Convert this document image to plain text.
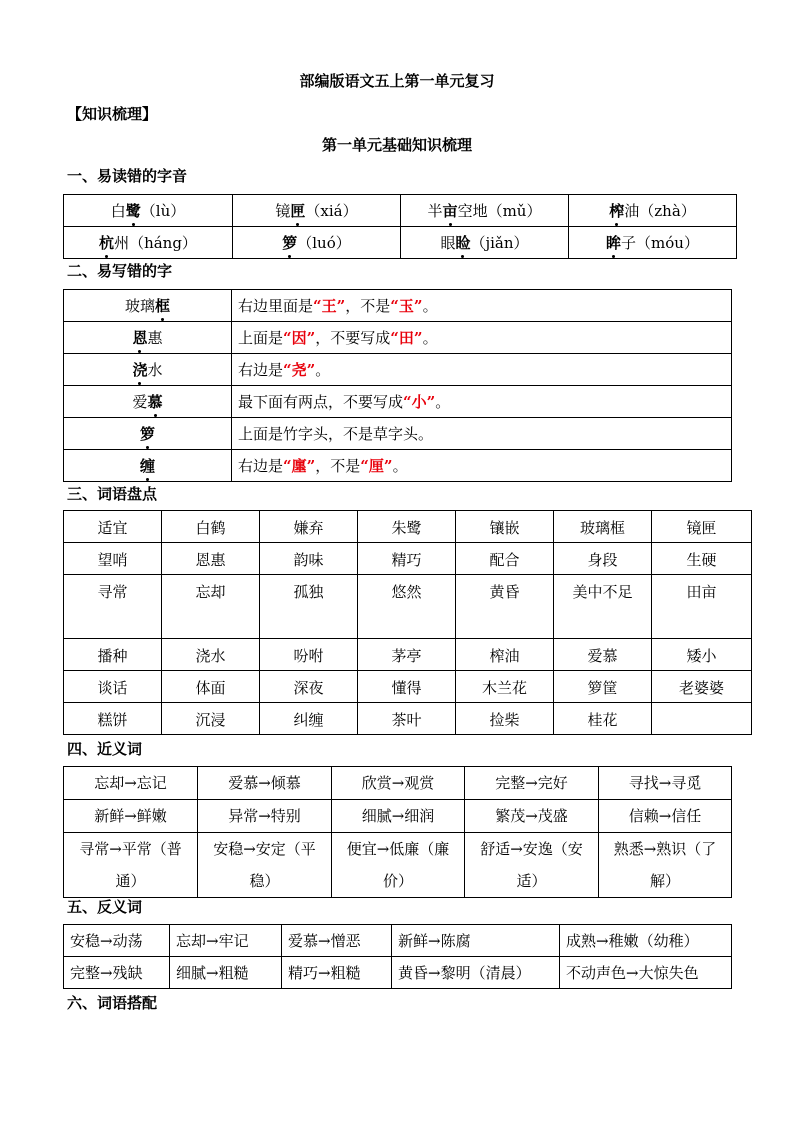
部编版语文五上第一单元复习
【知识梳理】
第一单元基础知识梳理
一、易读错的字音
白鹭（lù）	镜匣（xiá）	半亩空地（mǔ）	榨油（zhà）
杭州（háng）	箩（luó）	眼睑（jiǎn）	眸子（móu）
二、易写错的字
玻璃框	右边里面是“王”，不是“玉”。
恩惠	上面是“因”，不要写成“田”。
浇水	右边是“尧”。
爱慕	最下面有两点，不要写成“小”。
箩	上面是竹字头，不是草字头。
缠	右边是“廛”，不是“厘”。
三、词语盘点
适宜	白鹤	嫌弃	朱鹭	镶嵌	玻璃框	镜匣
望哨	恩惠	韵味	精巧	配合	身段	生硬
寻常	忘却	孤独	悠然	黄昏	美中不足	田亩
播种	浇水	吩咐	茅亭	榨油	爱慕	矮小
谈话	体面	深夜	懂得	木兰花	箩筐	老婆婆
糕饼	沉浸	纠缠	茶叶	捡柴	桂花	
四、近义词
忘却→忘记	爱慕→倾慕	欣赏→观赏	完整→完好	寻找→寻觅
新鲜→鲜嫩	异常→特别	细腻→细润	繁茂→茂盛	信赖→信任
寻常→平常（普通）	安稳→安定（平稳）	便宜→低廉（廉价）	舒适→安逸（安适）	熟悉→熟识（了解）
五、反义词
安稳→动荡	忘却→牢记	爱慕→憎恶	新鲜→陈腐	成熟→稚嫩（幼稚）
完整→残缺	细腻→粗糙	精巧→粗糙	黄昏→黎明（清晨）	不动声色→大惊失色
六、词语搭配
